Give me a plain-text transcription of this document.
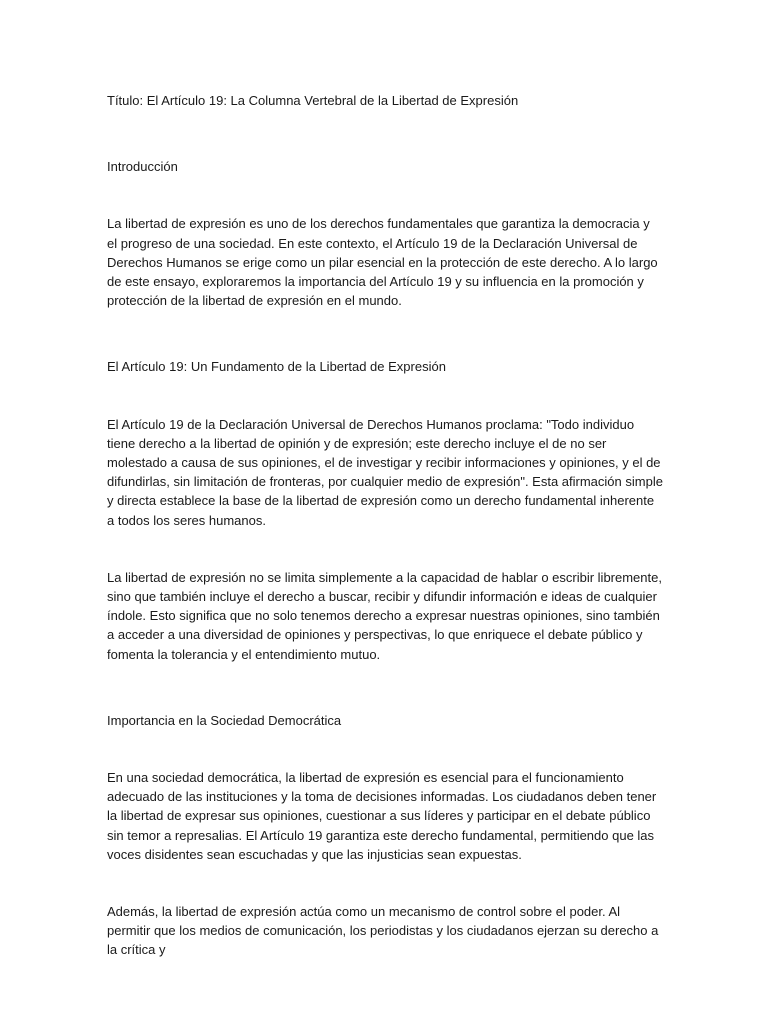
Título: El Artículo 19: La Columna Vertebral de la Libertad de Expresión

Introducción

La libertad de expresión es uno de los derechos fundamentales que garantiza la democracia y el progreso de una sociedad. En este contexto, el Artículo 19 de la Declaración Universal de Derechos Humanos se erige como un pilar esencial en la protección de este derecho. A lo largo de este ensayo, exploraremos la importancia del Artículo 19 y su influencia en la promoción y protección de la libertad de expresión en el mundo.

El Artículo 19: Un Fundamento de la Libertad de Expresión

El Artículo 19 de la Declaración Universal de Derechos Humanos proclama: "Todo individuo tiene derecho a la libertad de opinión y de expresión; este derecho incluye el de no ser molestado a causa de sus opiniones, el de investigar y recibir informaciones y opiniones, y el de difundirlas, sin limitación de fronteras, por cualquier medio de expresión". Esta afirmación simple y directa establece la base de la libertad de expresión como un derecho fundamental inherente a todos los seres humanos.

La libertad de expresión no se limita simplemente a la capacidad de hablar o escribir libremente, sino que también incluye el derecho a buscar, recibir y difundir información e ideas de cualquier índole. Esto significa que no solo tenemos derecho a expresar nuestras opiniones, sino también a acceder a una diversidad de opiniones y perspectivas, lo que enriquece el debate público y fomenta la tolerancia y el entendimiento mutuo.

Importancia en la Sociedad Democrática

En una sociedad democrática, la libertad de expresión es esencial para el funcionamiento adecuado de las instituciones y la toma de decisiones informadas. Los ciudadanos deben tener la libertad de expresar sus opiniones, cuestionar a sus líderes y participar en el debate público sin temor a represalias. El Artículo 19 garantiza este derecho fundamental, permitiendo que las voces disidentes sean escuchadas y que las injusticias sean expuestas.

Además, la libertad de expresión actúa como un mecanismo de control sobre el poder. Al permitir que los medios de comunicación, los periodistas y los ciudadanos ejerzan su derecho a la crítica y
